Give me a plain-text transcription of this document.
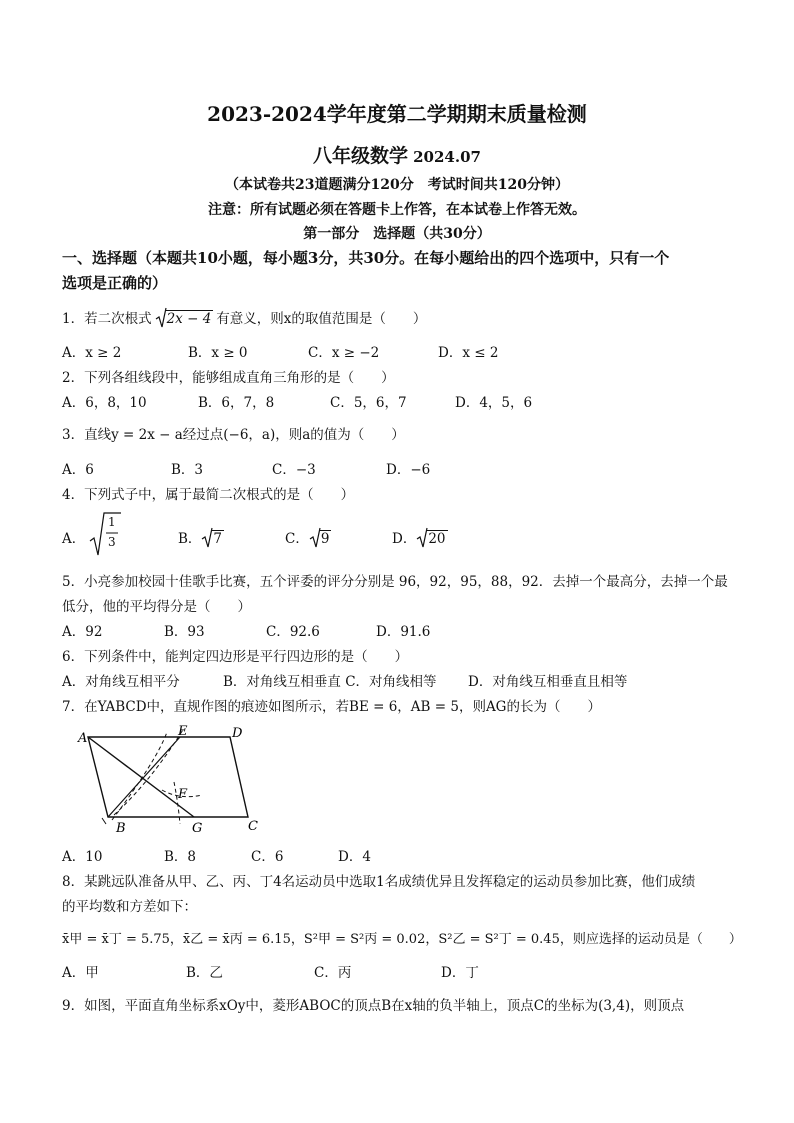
2023-2024学年度第二学期期末质量检测
八年级数学 2024.07
（本试卷共23道题满分120分　考试时间共120分钟）
注意：所有试题必须在答题卡上作答，在本试卷上作答无效。
第一部分　选择题（共30分）
一、选择题（本题共10小题，每小题3分，共30分。在每小题给出的四个选项中，只有一个
选项是正确的）
1．若二次根式 2x − 4 有意义，则x的取值范围是（　　）
A．x ≥ 2	B．x ≥ 0	C．x ≥ −2	D．x ≤ 2
2．下列各组线段中，能够组成直角三角形的是（　　）
A．6，8，10	B．6，7，8	C．5，6，7	D．4，5，6
3．直线y = 2x − a经过点(−6，a)，则a的值为（　　）
A．6	B．3	C．−3	D．−6
4．下列式子中，属于最简二次根式的是（　　）
A．
1
3	B． 7	C． 9	D． 20
5．小亮参加校园十佳歌手比赛，五个评委的评分分别是 96，92，95，88，92．去掉一个最高分，去掉一个最
低分，他的平均得分是（　　）
A．92	B．93	C．92.6	D．91.6
6．下列条件中，能判定四边形是平行四边形的是（　　）
A．对角线互相平分	B．对角线互相垂直 C．对角线相等 D．对角线互相垂直且相等
7．在YABCD中，直规作图的痕迹如图所示，若BE = 6，AB = 5，则AG的长为（　　）
A	E	D
F
B	G	C
A．10	B．8	C．6	D．4
8．某跳远队准备从甲、乙、丙、丁4名运动员中选取1名成绩优异且发挥稳定的运动员参加比赛，他们成绩
的平均数和方差如下：
x̄甲 = x̄丁 = 5.75，x̄乙 = x̄丙 = 6.15，S²甲 = S²丙 = 0.02，S²乙 = S²丁 = 0.45，则应选择的运动员是（　　）
A．甲	B．乙	C．丙	D．丁
9．如图，平面直角坐标系xOy中，菱形ABOC的顶点B在x轴的负半轴上，顶点C的坐标为(3,4)，则顶点
